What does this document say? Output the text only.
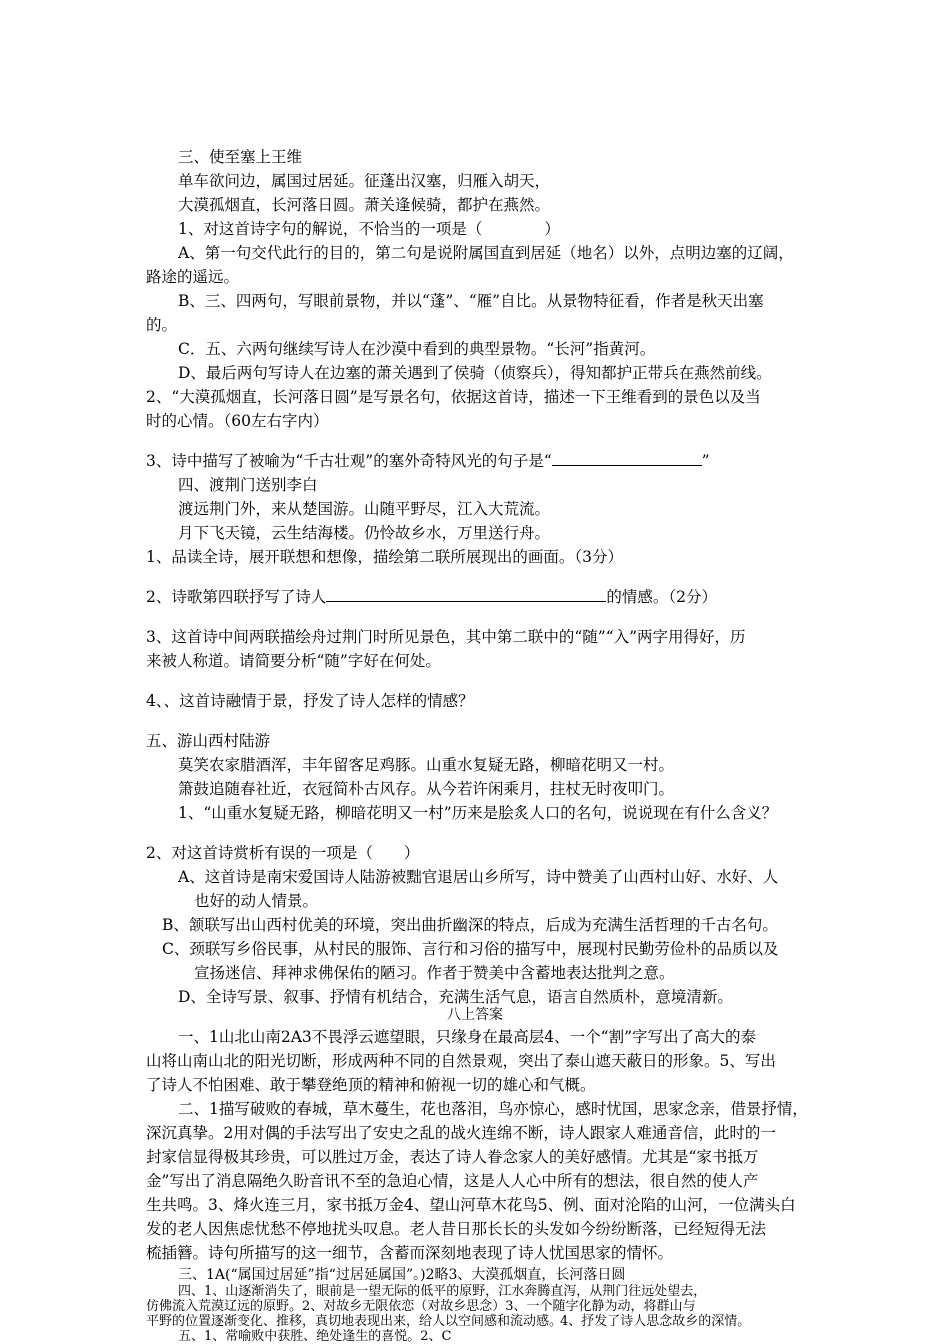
三、使至塞上王维
单车欲问边，属国过居延。征蓬出汉塞，归雁入胡天，
大漠孤烟直，长河落日圆。萧关逢候骑，都护在燕然。
1、对这首诗字句的解说，不恰当的一项是（　　　　）
A、第一句交代此行的目的，第二句是说附属国直到居延（地名）以外，点明边塞的辽阔，
路途的遥远。
B、三、四两句，写眼前景物，并以“蓬”、“雁”自比。从景物特征看，作者是秋天出塞
的。
C．五、六两句继续写诗人在沙漠中看到的典型景物。“长河”指黄河。
D、最后两句写诗人在边塞的萧关遇到了侯骑（侦察兵），得知都护正带兵在燕然前线。
2、“大漠孤烟直，长河落日圆”是写景名句，依据这首诗，描述一下王维看到的景色以及当
时的心情。（60左右字内）
3、诗中描写了被喻为“千古壮观”的塞外奇特风光的句子是“	”
四、渡荆门送别李白
渡远荆门外，来从楚国游。山随平野尽，江入大荒流。
月下飞天镜，云生结海楼。仍怜故乡水，万里送行舟。
1、品读全诗，展开联想和想像，描绘第二联所展现出的画面。（3分）
2、诗歌第四联抒写了诗人	的情感。（2分）
3、这首诗中间两联描绘舟过荆门时所见景色，其中第二联中的“随”“入”两字用得好，历
来被人称道。请简要分析“随”字好在何处。
4、、这首诗融情于景，抒发了诗人怎样的情感？
五、游山西村陆游
莫笑农家腊酒浑，丰年留客足鸡豚。山重水复疑无路，柳暗花明又一村。
箫鼓追随春社近，衣冠简朴古风存。从今若许闲乘月，拄杖无时夜叩门。
1、“山重水复疑无路，柳暗花明又一村”历来是脍炙人口的名句，说说现在有什么含义？
2、对这首诗赏析有误的一项是（　　）
A、这首诗是南宋爱国诗人陆游被黜官退居山乡所写，诗中赞美了山西村山好、水好、人
也好的动人情景。
B、颔联写出山西村优美的环境，突出曲折幽深的特点，后成为充满生活哲理的千古名句。
C、颈联写乡俗民事，从村民的服饰、言行和习俗的描写中，展现村民勤劳俭朴的品质以及
宣扬迷信、拜神求佛保佑的陋习。作者于赞美中含蓄地表达批判之意。
D、全诗写景、叙事、抒情有机结合，充满生活气息，语言自然质朴，意境清新。
八上答案
一、1山北山南2A3不畏浮云遮望眼，只缘身在最高层4、一个“割”字写出了高大的泰
山将山南山北的阳光切断，形成两种不同的自然景观，突出了泰山遮天蔽日的形象。5、写出
了诗人不怕困难、敢于攀登绝顶的精神和俯视一切的雄心和气概。
二、1描写破败的春城，草木蔓生，花也落泪，鸟亦惊心，感时忧国，思家念亲，借景抒情，
深沉真挚。2用对偶的手法写出了安史之乱的战火连绵不断，诗人跟家人难通音信，此时的一
封家信显得极其珍贵，可以胜过万金，表达了诗人眷念家人的美好感情。尤其是“家书抵万
金”写出了消息隔绝久盼音讯不至的急迫心情，这是人人心中所有的想法，很自然的使人产
生共鸣。3、烽火连三月，家书抵万金4、望山河草木花鸟5、例、面对沦陷的山河，一位满头白
发的老人因焦虑忧愁不停地扰头叹息。老人昔日那长长的头发如今纷纷断落，已经短得无法
梳插簪。诗句所描写的这一细节，含蓄而深刻地表现了诗人忧国思家的情怀。
三、1A(“属国过居延”指“过居延属国”。)2略3、大漠孤烟直，长河落日圆
四、1、山逐渐消失了，眼前是一望无际的低平的原野，江水奔腾直泻，从荆门往远处望去，
仿佛流入荒漠辽远的原野。2、对故乡无限依恋（对故乡思念）3、一个随字化静为动，将群山与
平野的位置逐渐变化、推移，真切地表现出来，给人以空间感和流动感。
4、抒发了诗人思念故乡的深情。
五、1、常喻败中获胜、绝处逢生的喜悦。2、C
